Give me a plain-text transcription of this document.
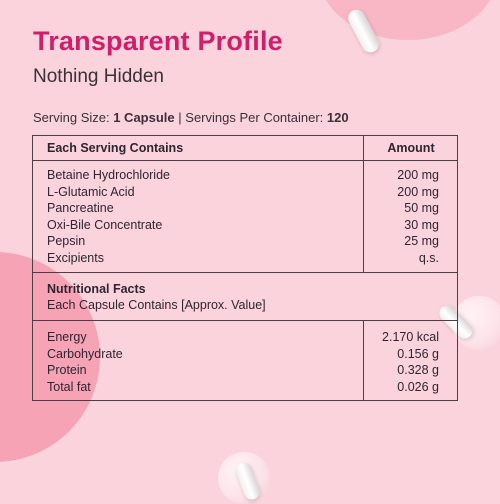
Transparent Profile
Nothing Hidden
Serving Size: 1 Capsule | Servings Per Container: 120
Each Serving Contains	Amount
Betaine Hydrochloride	200 mg
L-Glutamic Acid	200 mg
Pancreatine	50 mg
Oxi-Bile Concentrate	30 mg
Pepsin	25 mg
Excipients	q.s.
Nutritional Facts
Each Capsule Contains [Approx. Value]
Energy	2.170 kcal
Carbohydrate	0.156 g
Protein	0.328 g
Total fat	0.026 g
